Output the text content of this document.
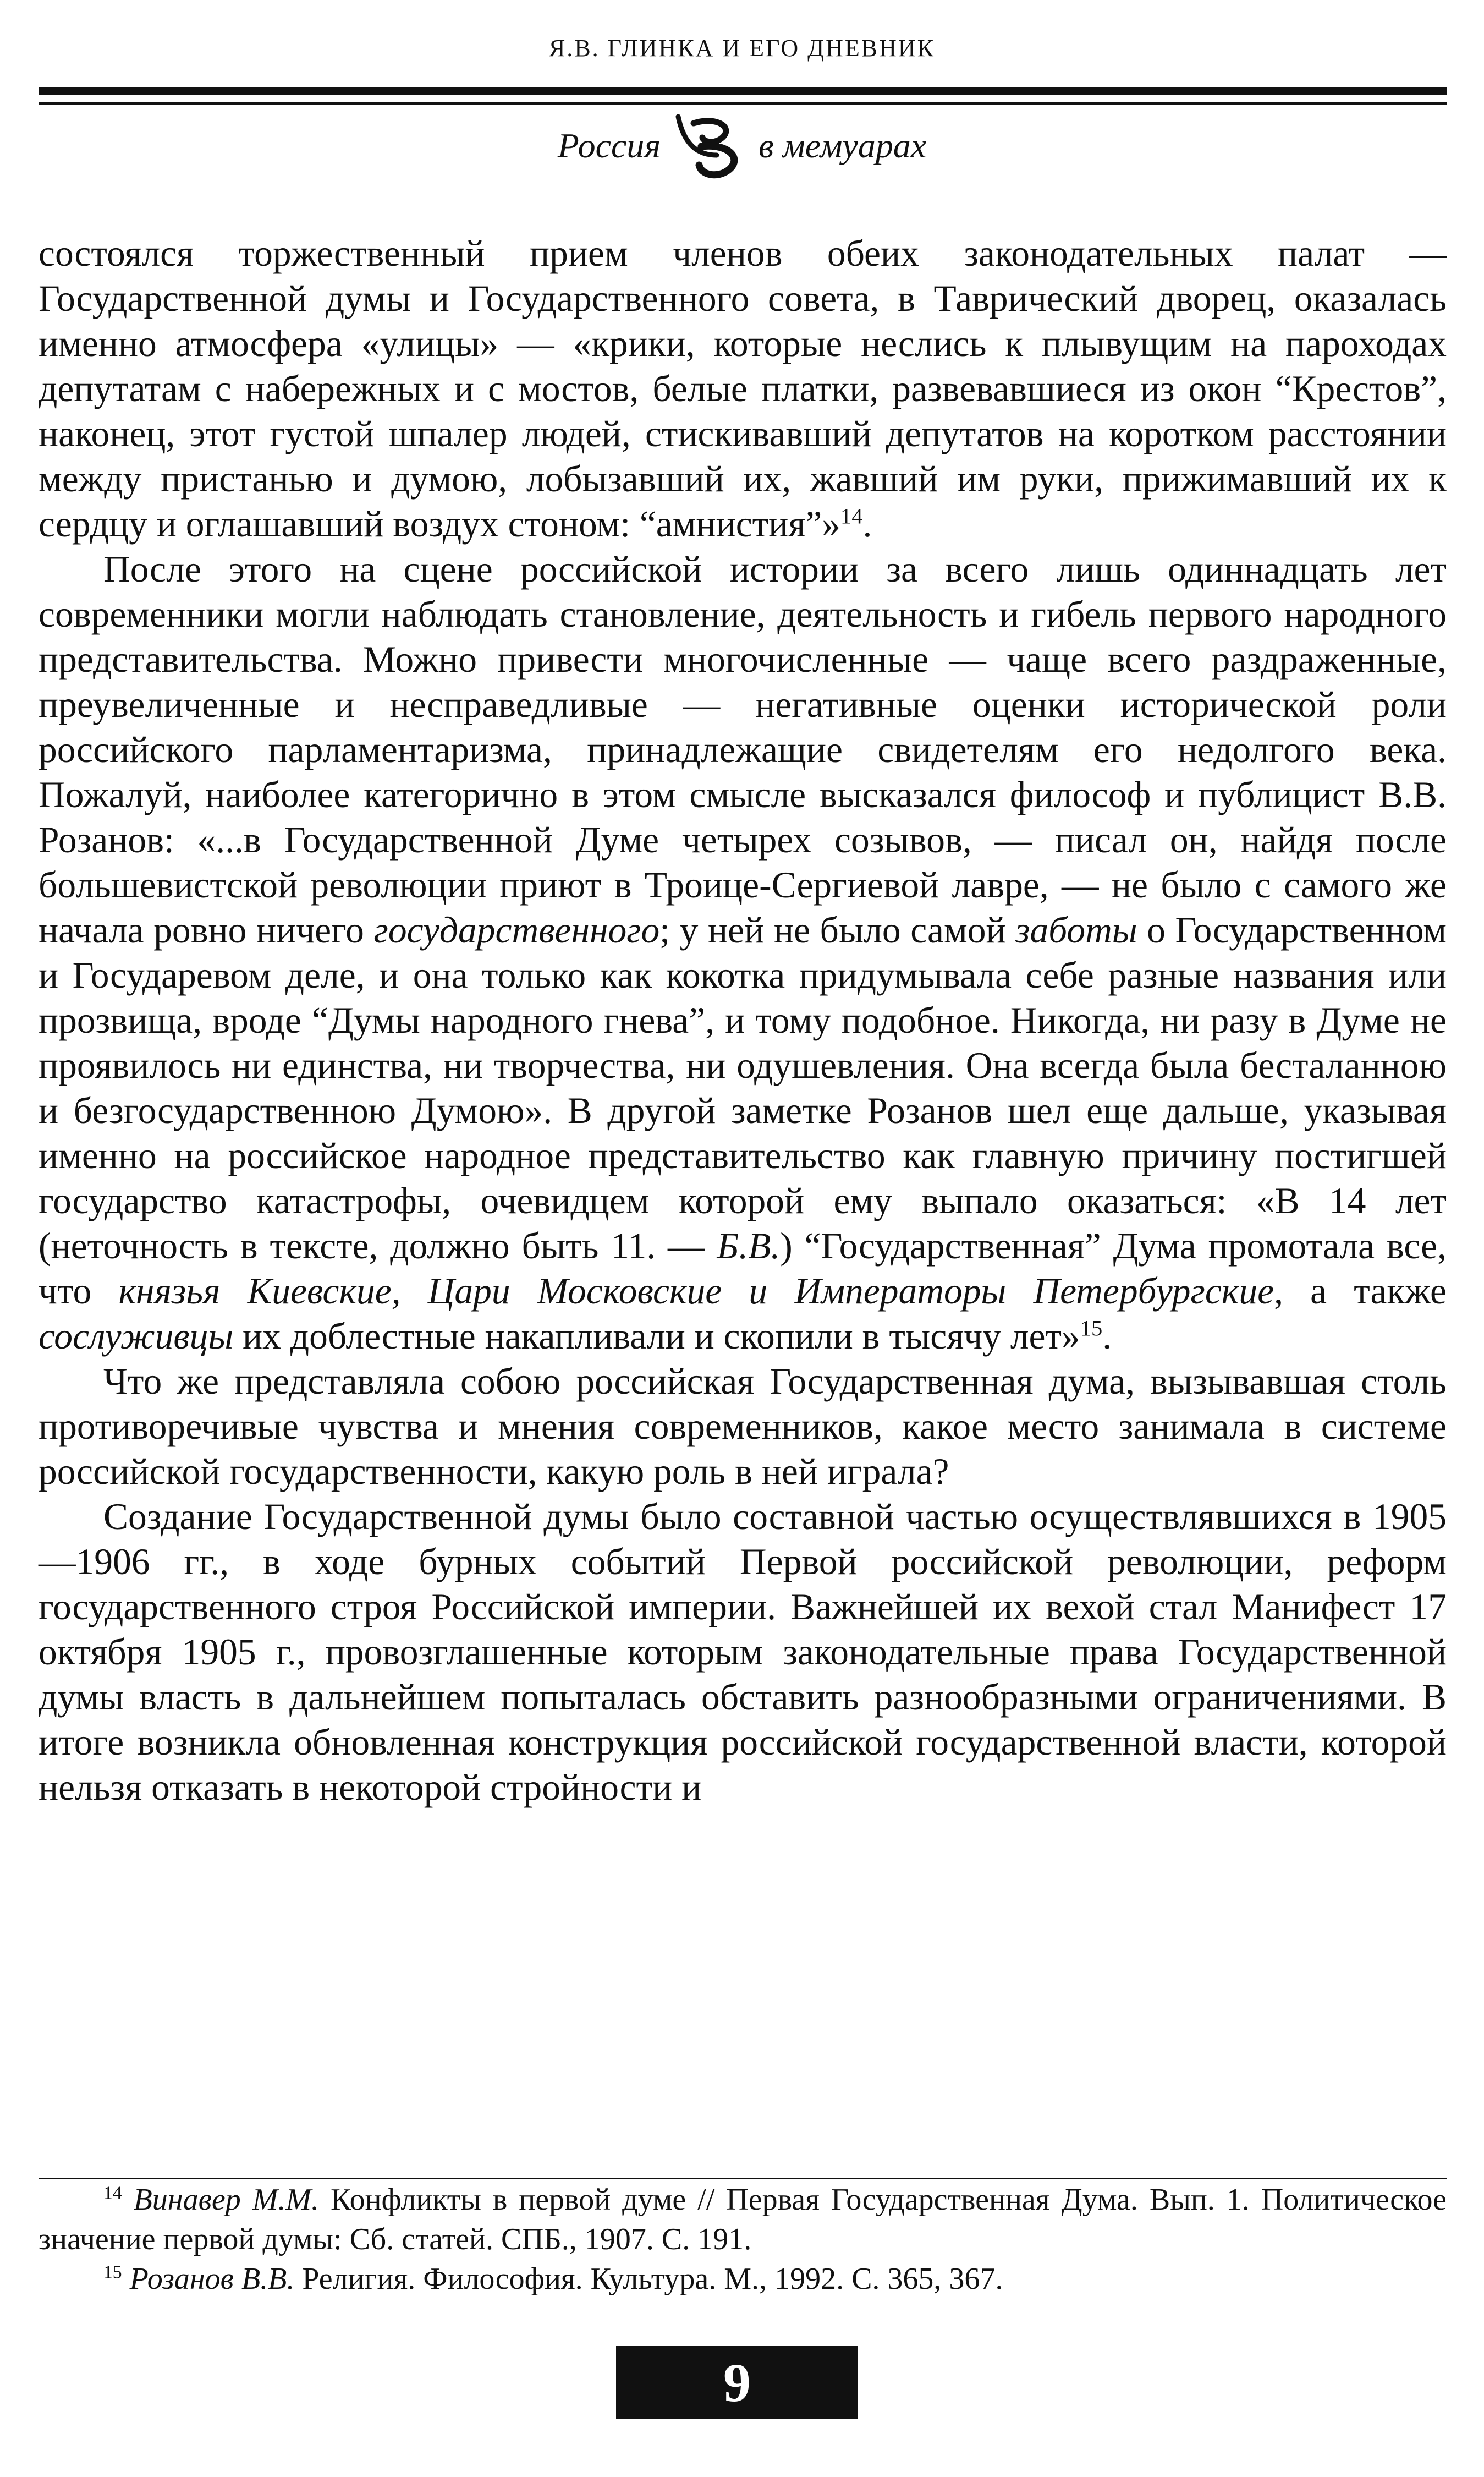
Я.В. ГЛИНКА И ЕГО ДНЕВНИК
Россия	в мемуарах

состоялся торжественный прием членов обеих законодательных палат — Государственной думы и Государственного совета, в Таврический дворец, оказалась именно атмосфера «улицы» — «крики, которые неслись к плывущим на пароходах депутатам с набережных и с мостов, белые платки, развевавшиеся из окон “Крестов”, наконец, этот густой шпалер людей, стискивавший депутатов на коротком расстоянии между пристанью и думою, лобызавший их, жавший им руки, прижимавший их к сердцу и оглашавший воздух стоном: “амнистия”»$^{14}$.

После этого на сцене российской истории за всего лишь одиннадцать лет современники могли наблюдать становление, деятельность и гибель первого народного представительства. Можно привести многочисленные — чаще всего раздраженные, преувеличенные и несправедливые — негативные оценки исторической роли российского парламентаризма, принадлежащие свидетелям его недолгого века. Пожалуй, наиболее категорично в этом смысле высказался философ и публицист В.В. Розанов: «...в Государственной Думе четырех созывов, — писал он, найдя после большевистской революции приют в Троице-Сергиевой лавре, — не было с самого же начала ровно ничего государственного; у ней не было самой заботы о Государственном и Государевом деле, и она только как кокотка придумывала себе разные названия или прозвища, вроде “Думы народного гнева”, и тому подобное. Никогда, ни разу в Думе не проявилось ни единства, ни творчества, ни одушевления. Она всегда была бесталанною и безгосударственною Думою». В другой заметке Розанов шел еще дальше, указывая именно на российское народное представительство как главную причину постигшей государство катастрофы, очевидцем которой ему выпало оказаться: «В 14 лет (неточность в тексте, должно быть 11. — Б.В.) “Государственная” Дума промотала все, что князья Киевские, Цари Московские и Императоры Петербургские, а также сослуживцы их доблестные накапливали и скопили в тысячу лет»$^{15}$.

Что же представляла собою российская Государственная дума, вызывавшая столь противоречивые чувства и мнения современников, какое место занимала в системе российской государственности, какую роль в ней играла?

Создание Государственной думы было составной частью осуществлявшихся в 1905—1906 гг., в ходе бурных событий Первой российской революции, реформ государственного строя Российской империи. Важнейшей их вехой стал Манифест 17 октября 1905 г., провозглашенные которым законодательные права Государственной думы власть в дальнейшем попыталась обставить разнообразными ограничениями. В итоге возникла обновленная конструкция российской государственной власти, которой нельзя отказать в некоторой стройности и

$^{14}$ Винавер М.М. Конфликты в первой думе // Первая Государственная Дума. Вып. 1. Политическое значение первой думы: Сб. статей. СПБ., 1907. С. 191.

$^{15}$ Розанов В.В. Религия. Философия. Культура. М., 1992. С. 365, 367.

9
